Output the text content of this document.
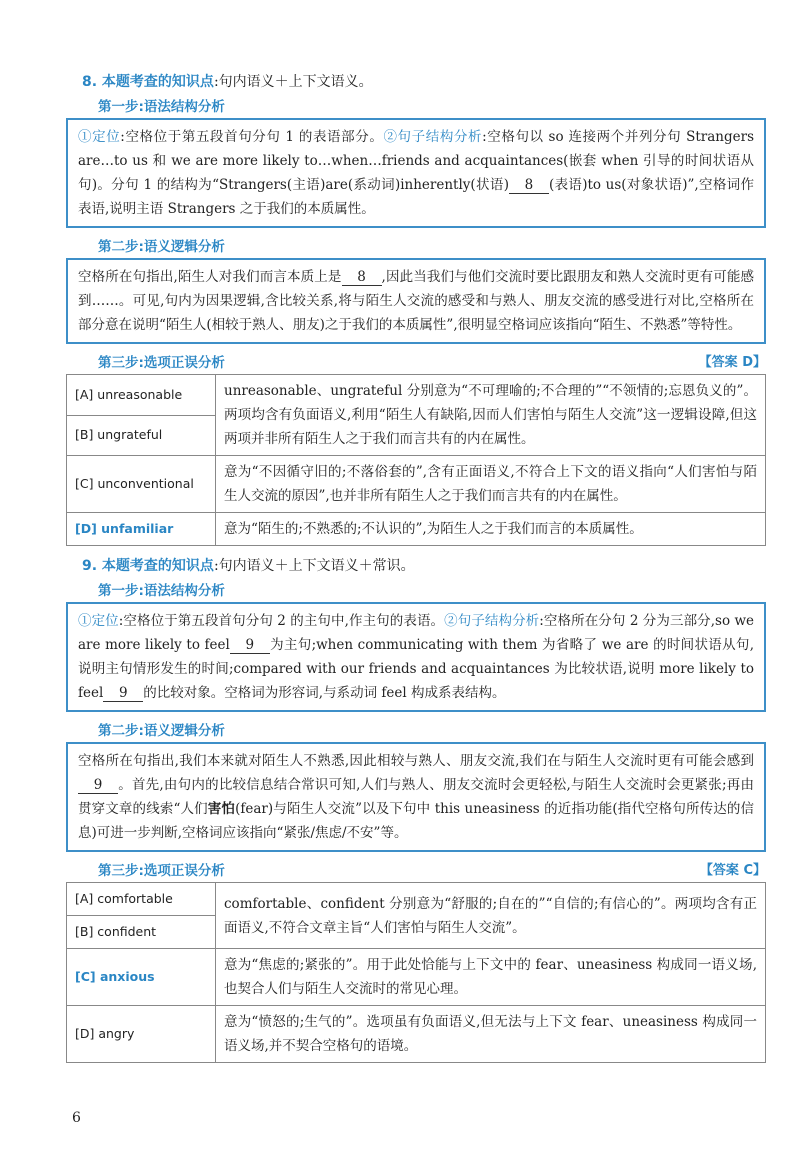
8. 本题考查的知识点:句内语义＋上下文语义。
第一步:语法结构分析
①定位:空格位于第五段首句分句 1 的表语部分。②句子结构分析:空格句以 so 连接两个并列分句 Strangers are…to us 和 we are more likely to…when…friends and acquaintances(嵌套 when 引导的时间状语从句)。分句 1 的结构为“Strangers(主语)are(系动词)inherently(状语) 8 (表语)to us(对象状语)”,空格词作表语,说明主语 Strangers 之于我们的本质属性。
第二步:语义逻辑分析
空格所在句指出,陌生人对我们而言本质上是 8 ,因此当我们与他们交流时要比跟朋友和熟人交流时更有可能感到……。可见,句内为因果逻辑,含比较关系,将与陌生人交流的感受和与熟人、朋友交流的感受进行对比,空格所在部分意在说明“陌生人(相较于熟人、朋友)之于我们的本质属性”,很明显空格词应该指向“陌生、不熟悉”等特性。
第三步:选项正误分析	【答案 D】
[A] unreasonable	unreasonable、ungrateful 分别意为“不可理喻的;不合理的”“不领情的;忘恩负义的”。两项均含有负面语义,利用“陌生人有缺陷,因而人们害怕与陌生人交流”这一逻辑设障,但这两项并非所有陌生人之于我们而言共有的内在属性。
[B] ungrateful	
[C] unconventional	意为“不因循守旧的;不落俗套的”,含有正面语义,不符合上下文的语义指向“人们害怕与陌生人交流的原因”,也并非所有陌生人之于我们而言共有的内在属性。
[D] unfamiliar	意为“陌生的;不熟悉的;不认识的”,为陌生人之于我们而言的本质属性。
9. 本题考查的知识点:句内语义＋上下文语义＋常识。
第一步:语法结构分析
①定位:空格位于第五段首句分句 2 的主句中,作主句的表语。②句子结构分析:空格所在分句 2 分为三部分,so we are more likely to feel 9 为主句;when communicating with them 为省略了 we are 的时间状语从句,说明主句情形发生的时间;compared with our friends and acquaintances 为比较状语,说明 more likely to feel 9 的比较对象。空格词为形容词,与系动词 feel 构成系表结构。
第二步:语义逻辑分析
空格所在句指出,我们本来就对陌生人不熟悉,因此相较与熟人、朋友交流,我们在与陌生人交流时更有可能会感到9 。首先,由句内的比较信息结合常识可知,人们与熟人、朋友交流时会更轻松,与陌生人交流时会更紧张;再由贯穿文章的线索“人们害怕(fear)与陌生人交流”以及下句中 this uneasiness 的近指功能(指代空格句所传达的信息)可进一步判断,空格词应该指向“紧张/焦虑/不安”等。
第三步:选项正误分析	【答案 C】
[A] comfortable	comfortable、confident 分别意为“舒服的;自在的”“自信的;有信心的”。两项均含有正面语义,不符合文章主旨“人们害怕与陌生人交流”。
[B] confident	
[C] anxious	意为“焦虑的;紧张的”。用于此处恰能与上下文中的 fear、uneasiness 构成同一语义场,也契合人们与陌生人交流时的常见心理。
[D] angry	意为“愤怒的;生气的”。选项虽有负面语义,但无法与上下文 fear、uneasiness 构成同一语义场,并不契合空格句的语境。
6
